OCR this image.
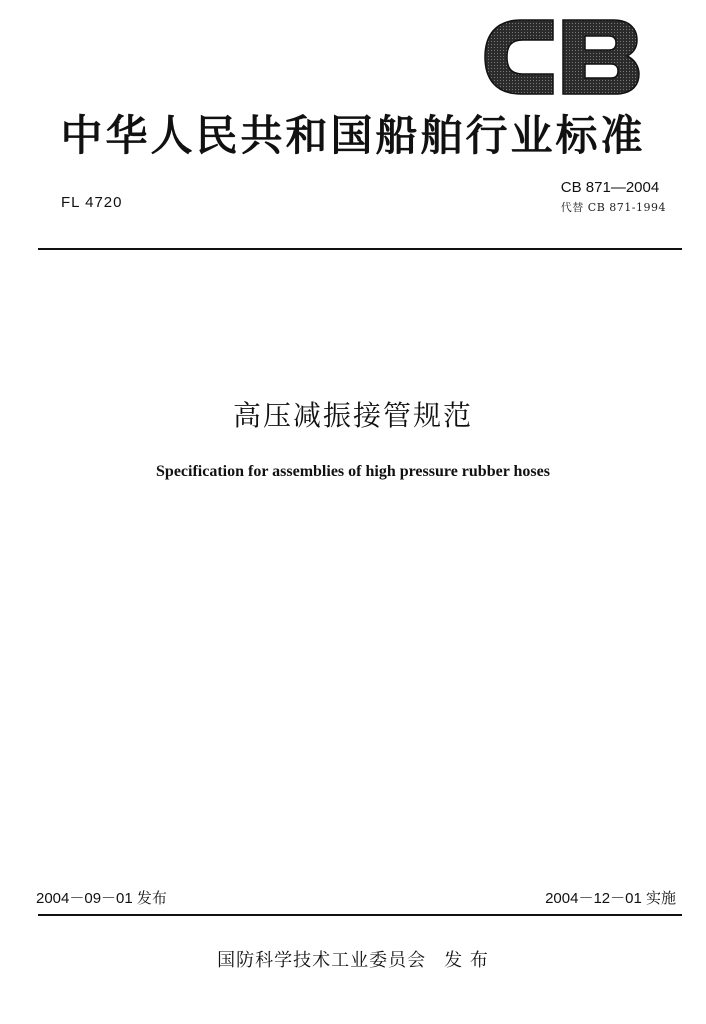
中华人民共和国船舶行业标准
FL 4720
CB 871—2004
代替 CB 871-1994
高压减振接管规范
Specification for assemblies of high pressure rubber hoses
2004－09－01 发布	2004－12－01 实施
国防科学技术工业委员会 发 布
